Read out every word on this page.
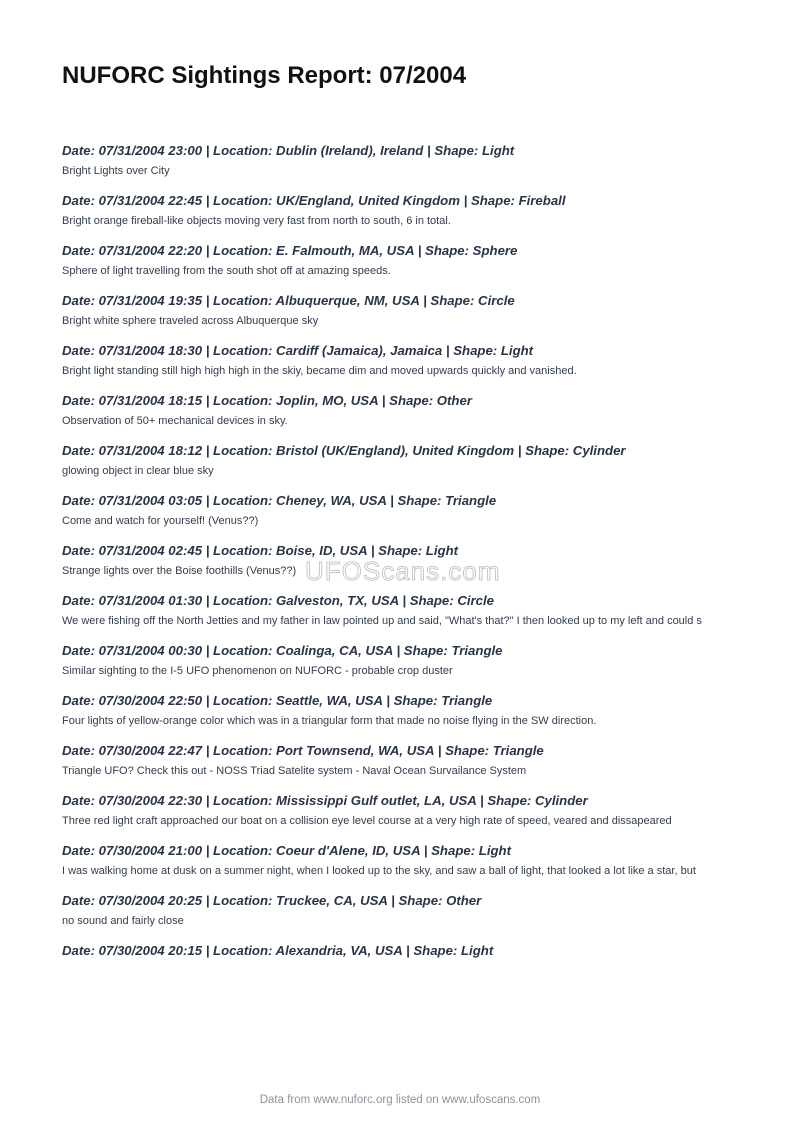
NUFORC Sightings Report: 07/2004
Date: 07/31/2004 23:00 | Location: Dublin (Ireland), Ireland | Shape: Light
Bright Lights over City
Date: 07/31/2004 22:45 | Location: UK/England, United Kingdom | Shape: Fireball
Bright orange fireball-like objects moving very fast from north to south, 6 in total.
Date: 07/31/2004 22:20 | Location: E. Falmouth, MA, USA | Shape: Sphere
Sphere of light travelling from the south shot off at amazing speeds.
Date: 07/31/2004 19:35 | Location: Albuquerque, NM, USA | Shape: Circle
Bright white sphere traveled across Albuquerque sky
Date: 07/31/2004 18:30 | Location: Cardiff (Jamaica), Jamaica | Shape: Light
Bright light standing still high high high in the skiy, became dim and moved upwards quickly and vanished.
Date: 07/31/2004 18:15 | Location: Joplin, MO, USA | Shape: Other
Observation of 50+ mechanical devices in sky.
Date: 07/31/2004 18:12 | Location: Bristol (UK/England), United Kingdom | Shape: Cylinder
glowing object in clear blue sky
Date: 07/31/2004 03:05 | Location: Cheney, WA, USA | Shape: Triangle
Come and watch for yourself! (Venus??)
Date: 07/31/2004 02:45 | Location: Boise, ID, USA | Shape: Light
Strange lights over the Boise foothills (Venus??)
Date: 07/31/2004 01:30 | Location: Galveston, TX, USA | Shape: Circle
We were fishing off the North Jetties and my father in law pointed up and said, "What's that?" I then looked up to my left and could s
Date: 07/31/2004 00:30 | Location: Coalinga, CA, USA | Shape: Triangle
Similar sighting to the I-5 UFO phenomenon on NUFORC - probable crop duster
Date: 07/30/2004 22:50 | Location: Seattle, WA, USA | Shape: Triangle
Four lights of yellow-orange color which was in a triangular form that made no noise flying in the SW direction.
Date: 07/30/2004 22:47 | Location: Port Townsend, WA, USA | Shape: Triangle
Triangle UFO? Check this out - NOSS Triad Satelite system - Naval Ocean Survailance System
Date: 07/30/2004 22:30 | Location: Mississippi Gulf outlet, LA, USA | Shape: Cylinder
Three red light craft approached our boat on a collision eye level course at a very high rate of speed, veared and dissapeared
Date: 07/30/2004 21:00 | Location: Coeur d'Alene, ID, USA | Shape: Light
I was walking home at dusk on a summer night, when I looked up to the sky, and saw a ball of light, that looked a lot like a star, but
Date: 07/30/2004 20:25 | Location: Truckee, CA, USA | Shape: Other
no sound and fairly close
Date: 07/30/2004 20:15 | Location: Alexandria, VA, USA | Shape: Light
UFOScans.com
Data from www.nuforc.org listed on www.ufoscans.com
